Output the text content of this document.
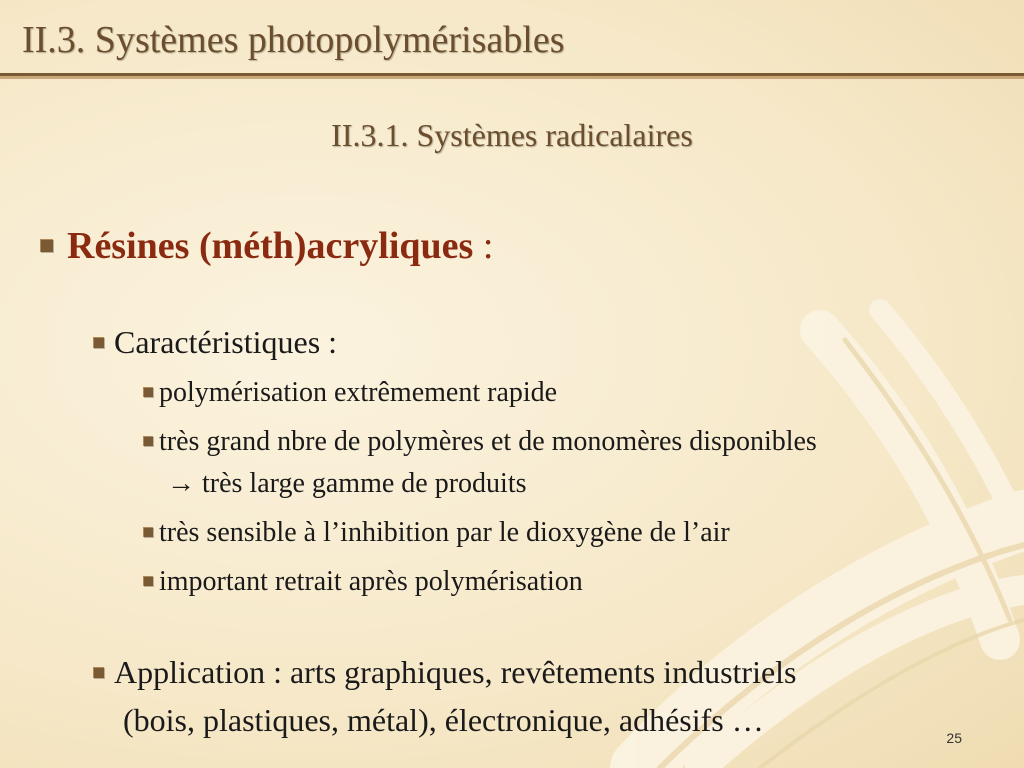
II.3. Systèmes photopolymérisables
II.3.1. Systèmes radicalaires
Résines (méth)acryliques :
Caractéristiques :
polymérisation extrêmement rapide
très grand nbre de polymères et de monomères disponibles
→ très large gamme de produits
très sensible à l’inhibition par le dioxygène de l’air
important retrait après polymérisation
Application : arts graphiques, revêtements industriels
(bois, plastiques, métal), électronique, adhésifs …	25
